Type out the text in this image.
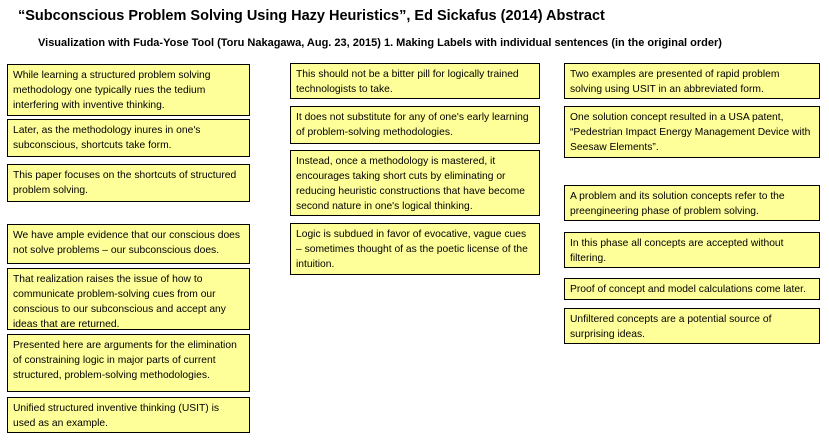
“Subconscious Problem Solving Using Hazy Heuristics”, Ed Sickafus (2014) Abstract
Visualization with Fuda-Yose Tool (Toru Nakagawa, Aug. 23, 2015) 1. Making Labels with individual sentences (in the original order)
While learning a structured problem solving methodology one typically rues the tedium interfering with inventive thinking.
Later, as the methodology inures in one's subconscious, shortcuts take form.
This paper focuses on the shortcuts of structured problem solving.
We have ample evidence that our conscious does not solve problems – our subconscious does.
That realization raises the issue of how to communicate problem-solving cues from our conscious to our subconscious and accept any ideas that are returned.
Presented here are arguments for the elimination of constraining logic in major parts of current structured, problem-solving methodologies.
Unified structured inventive thinking (USIT) is used as an example.
This should not be a bitter pill for logically trained technologists to take.
It does not substitute for any of one's early learning of problem-solving methodologies.
Instead, once a methodology is mastered, it encourages taking short cuts by eliminating or reducing heuristic constructions that have become second nature in one's logical thinking.
Logic is subdued in favor of evocative, vague cues – sometimes thought of as the poetic license of the intuition.
Two examples are presented of rapid problem solving using USIT in an abbreviated form.
One solution concept resulted in a USA patent, “Pedestrian Impact Energy Management Device with Seesaw Elements”.
A problem and its solution concepts refer to the preengineering phase of problem solving.
In this phase all concepts are accepted without filtering.
Proof of concept and model calculations come later.
Unfiltered concepts are a potential source of surprising ideas.
